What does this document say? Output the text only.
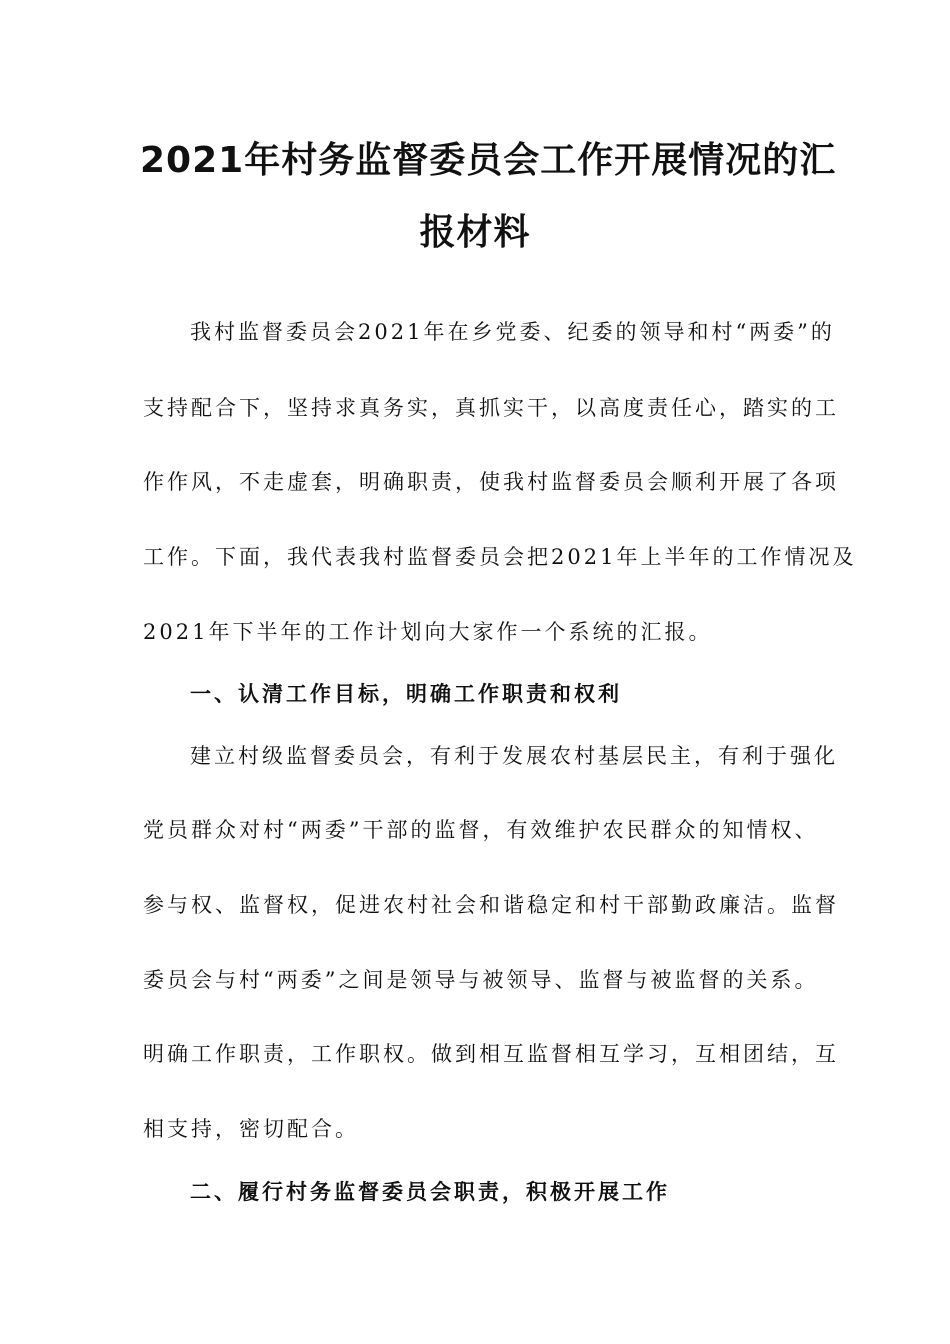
2021年村务监督委员会工作开展情况的汇
报材料
我村监督委员会2021年在乡党委、纪委的领导和村“两委”的
支持配合下，坚持求真务实，真抓实干，以高度责任心，踏实的工
作作风，不走虚套，明确职责，使我村监督委员会顺利开展了各项
工作。下面，我代表我村监督委员会把2021年上半年的工作情况及
2021年下半年的工作计划向大家作一个系统的汇报。
一、认清工作目标，明确工作职责和权利
建立村级监督委员会，有利于发展农村基层民主，有利于强化
党员群众对村“两委”干部的监督，有效维护农民群众的知情权、
参与权、监督权，促进农村社会和谐稳定和村干部勤政廉洁。监督
委员会与村“两委”之间是领导与被领导、监督与被监督的关系。
明确工作职责，工作职权。做到相互监督相互学习，互相团结，互
相支持，密切配合。
二、履行村务监督委员会职责，积极开展工作
